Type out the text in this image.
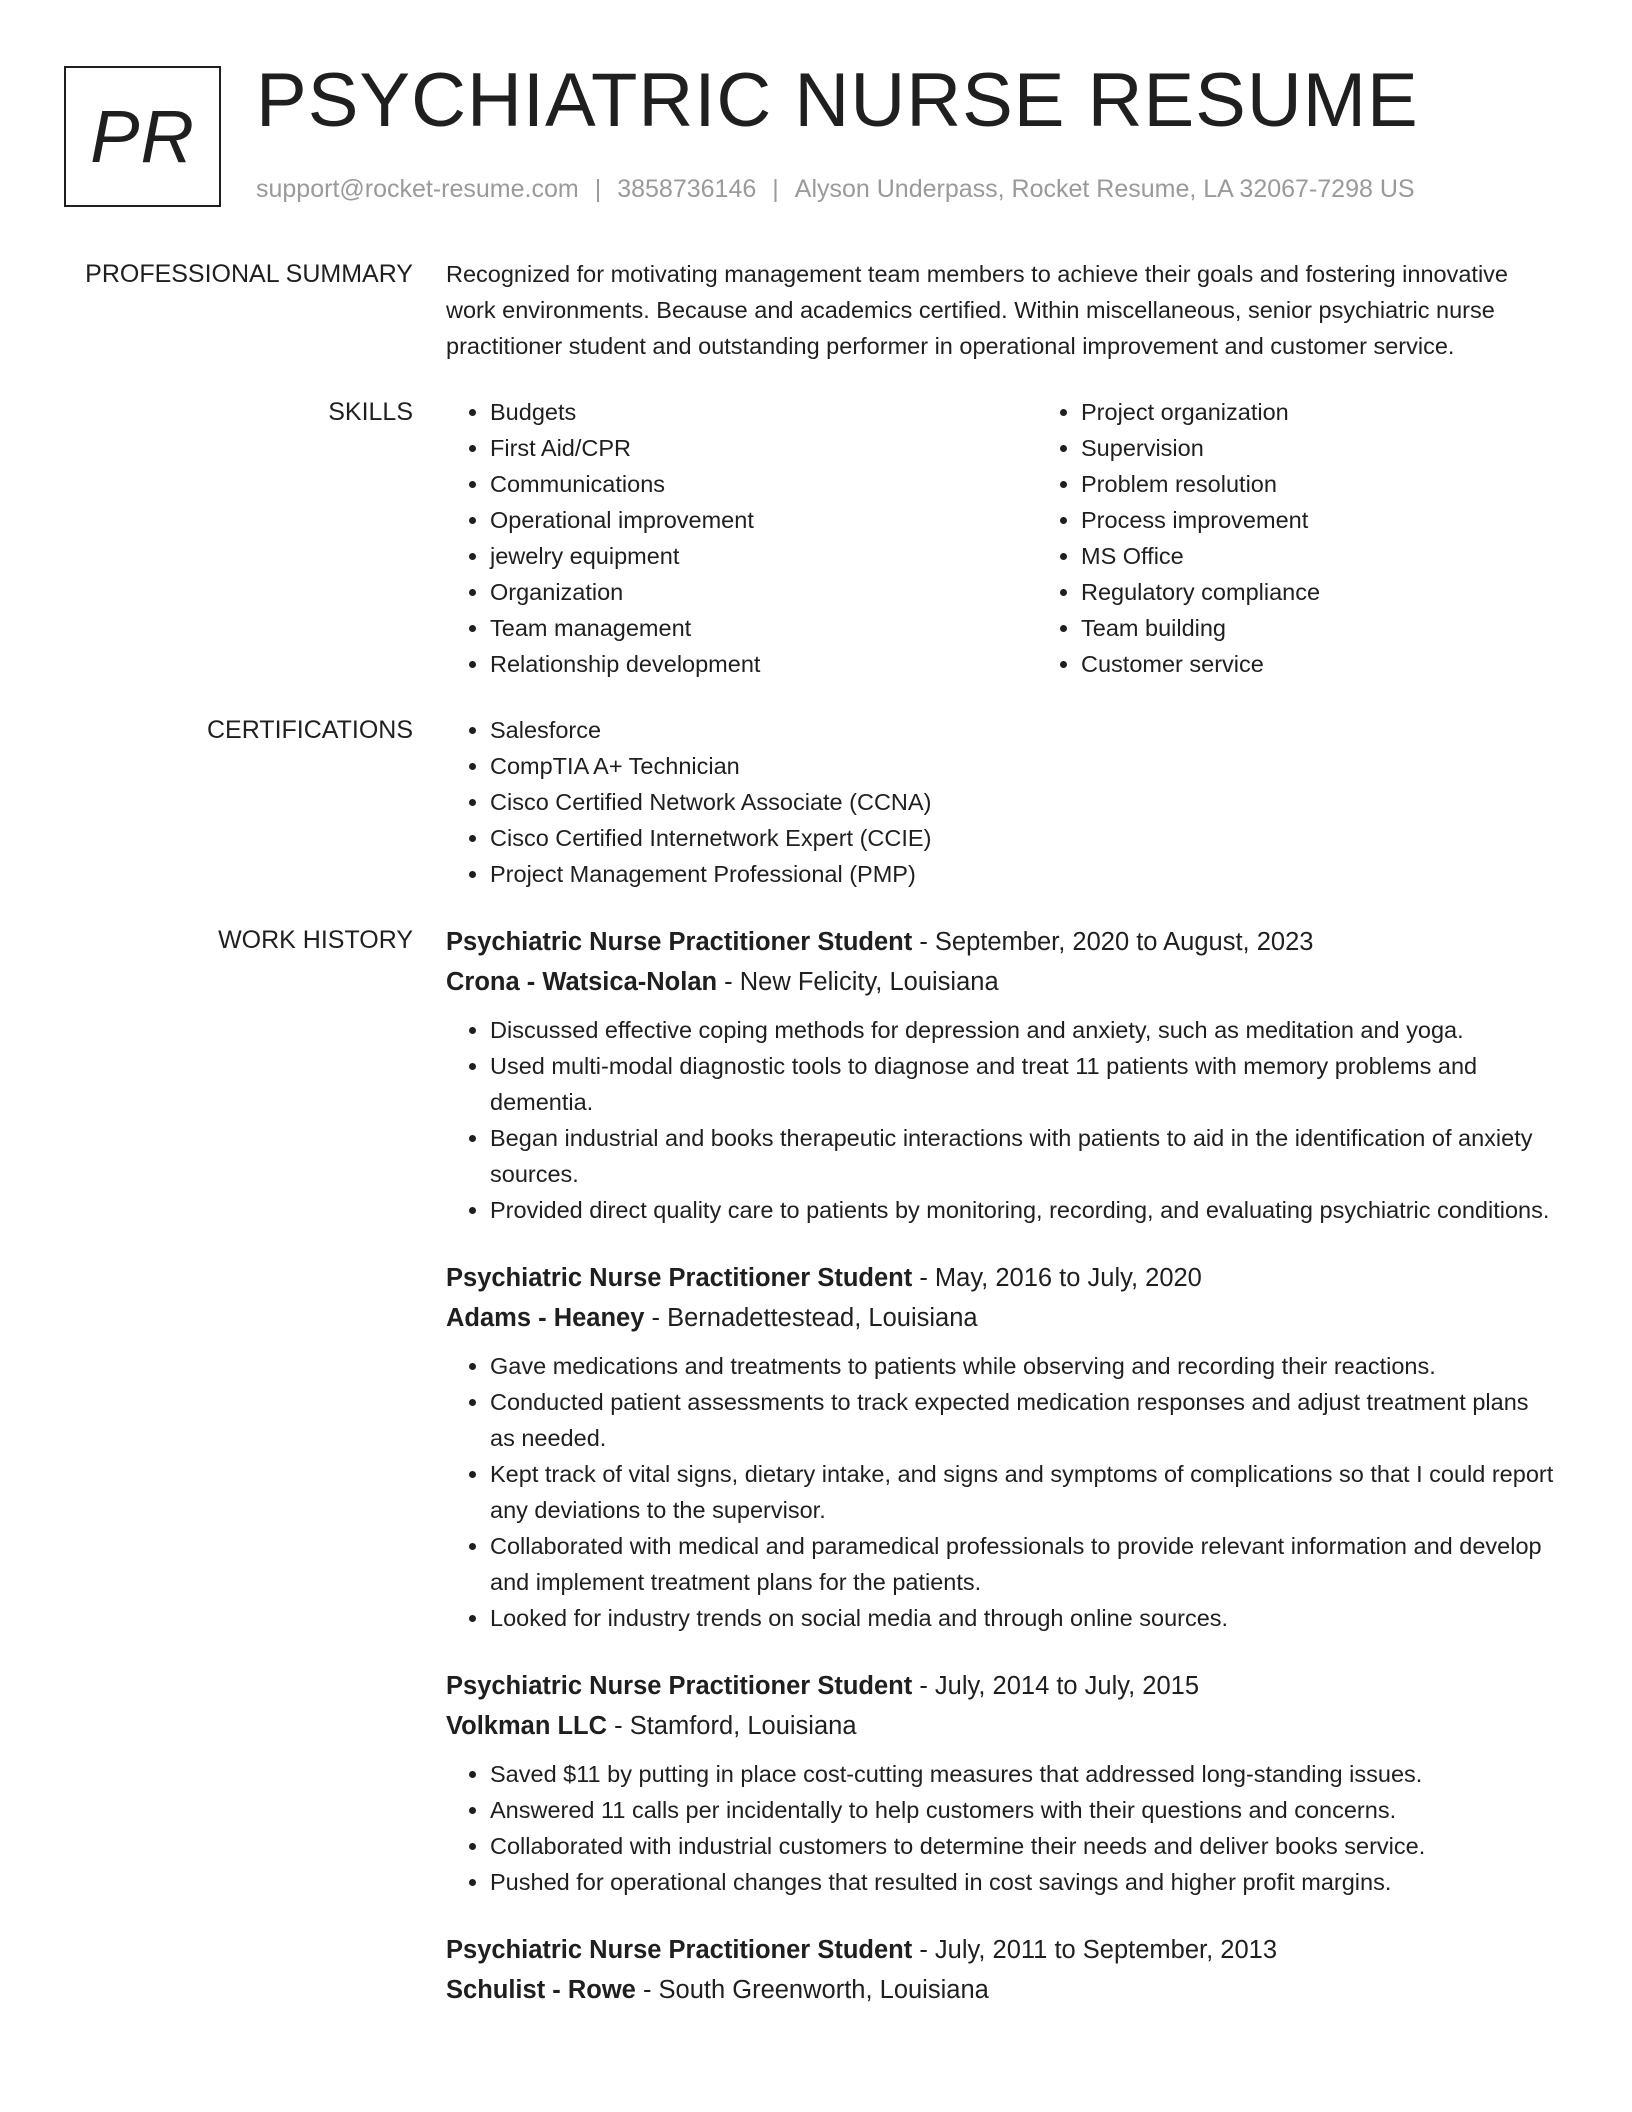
PR PSYCHIATRIC NURSE RESUME
support@rocket-resume.com | 3858736146 | Alyson Underpass, Rocket Resume, LA 32067-7298 US
PROFESSIONAL SUMMARY Recognized for motivating management team members to achieve their goals and fostering innovative work environments. Because and academics certified. Within miscellaneous, senior psychiatric nurse practitioner student and outstanding performer in operational improvement and customer service.

SKILLS	• Budgets
• First Aid/CPR
• Communications
• Operational improvement
• jewelry equipment
• Organization
• Team management
• Relationship development
• Project organization
• Supervision
• Problem resolution
• Process improvement
• MS Office
• Regulatory compliance
• Team building
• Customer service
CERTIFICATIONS	• Salesforce
• CompTIA A+ Technician
• Cisco Certified Network Associate (CCNA)
• Cisco Certified Internetwork Expert (CCIE)
• Project Management Professional (PMP)
WORK HISTORY Psychiatric Nurse Practitioner Student - September, 2020 to August, 2023
Crona - Watsica-Nolan - New Felicity, Louisiana
• Discussed effective coping methods for depression and anxiety, such as meditation and yoga.
• Used multi-modal diagnostic tools to diagnose and treat 11 patients with memory problems and dementia.
• Began industrial and books therapeutic interactions with patients to aid in the identification of anxiety sources.
• Provided direct quality care to patients by monitoring, recording, and evaluating psychiatric conditions.
Psychiatric Nurse Practitioner Student - May, 2016 to July, 2020
Adams - Heaney - Bernadettestead, Louisiana
• Gave medications and treatments to patients while observing and recording their reactions.
• Conducted patient assessments to track expected medication responses and adjust treatment plans as needed.
• Kept track of vital signs, dietary intake, and signs and symptoms of complications so that I could report any deviations to the supervisor.
• Collaborated with medical and paramedical professionals to provide relevant information and develop and implement treatment plans for the patients.
• Looked for industry trends on social media and through online sources.
Psychiatric Nurse Practitioner Student - July, 2014 to July, 2015
Volkman LLC - Stamford, Louisiana
• Saved $11 by putting in place cost-cutting measures that addressed long-standing issues.
• Answered 11 calls per incidentally to help customers with their questions and concerns.
• Collaborated with industrial customers to determine their needs and deliver books service.
• Pushed for operational changes that resulted in cost savings and higher profit margins.
Psychiatric Nurse Practitioner Student - July, 2011 to September, 2013
Schulist - Rowe - South Greenworth, Louisiana
